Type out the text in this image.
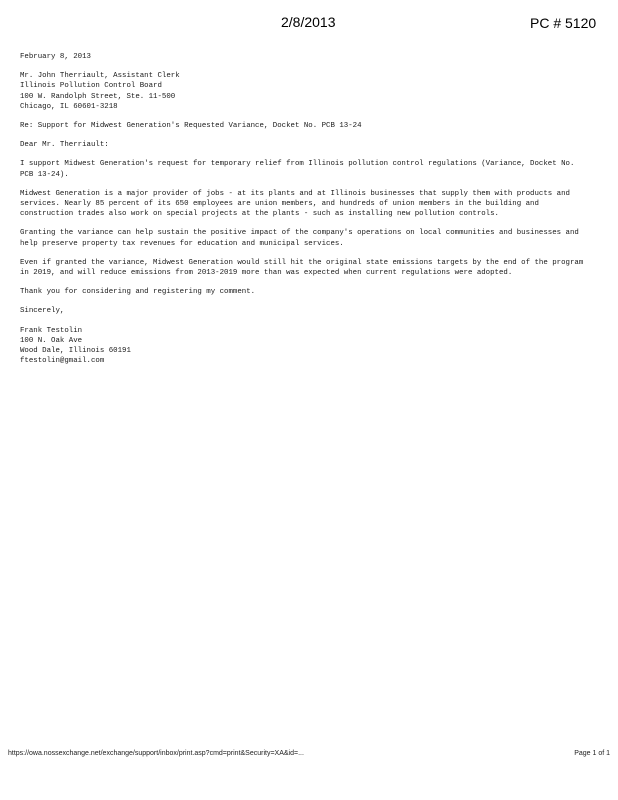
2/8/2013	PC # 5120

February 8, 2013

Mr. John Therriault, Assistant Clerk
Illinois Pollution Control Board
100 W. Randolph Street, Ste. 11-500
Chicago, IL 60601-3218

Re: Support for Midwest Generation's Requested Variance, Docket No. PCB 13-24

Dear Mr. Therriault:

I support Midwest Generation's request for temporary relief from Illinois pollution control regulations (Variance, Docket No. PCB 13-24).

Midwest Generation is a major provider of jobs - at its plants and at Illinois businesses that supply them with products and services. Nearly 85 percent of its 650 employees are union members, and hundreds of union members in the building and construction trades also work on special projects at the plants - such as installing new pollution controls.

Granting the variance can help sustain the positive impact of the company's operations on local communities and businesses and help preserve property tax revenues for education and municipal services.

Even if granted the variance, Midwest Generation would still hit the original state emissions targets by the end of the program in 2019, and will reduce emissions from 2013-2019 more than was expected when current regulations were adopted.

Thank you for considering and registering my comment.

Sincerely,

Frank Testolin
100 N. Oak Ave
Wood Dale, Illinois 60191
ftestolin@gmail.com

https://owa.nossexchange.net/exchange/support/inbox/print.asp?cmd=print&Security=XA&id=...	Page 1 of 1
